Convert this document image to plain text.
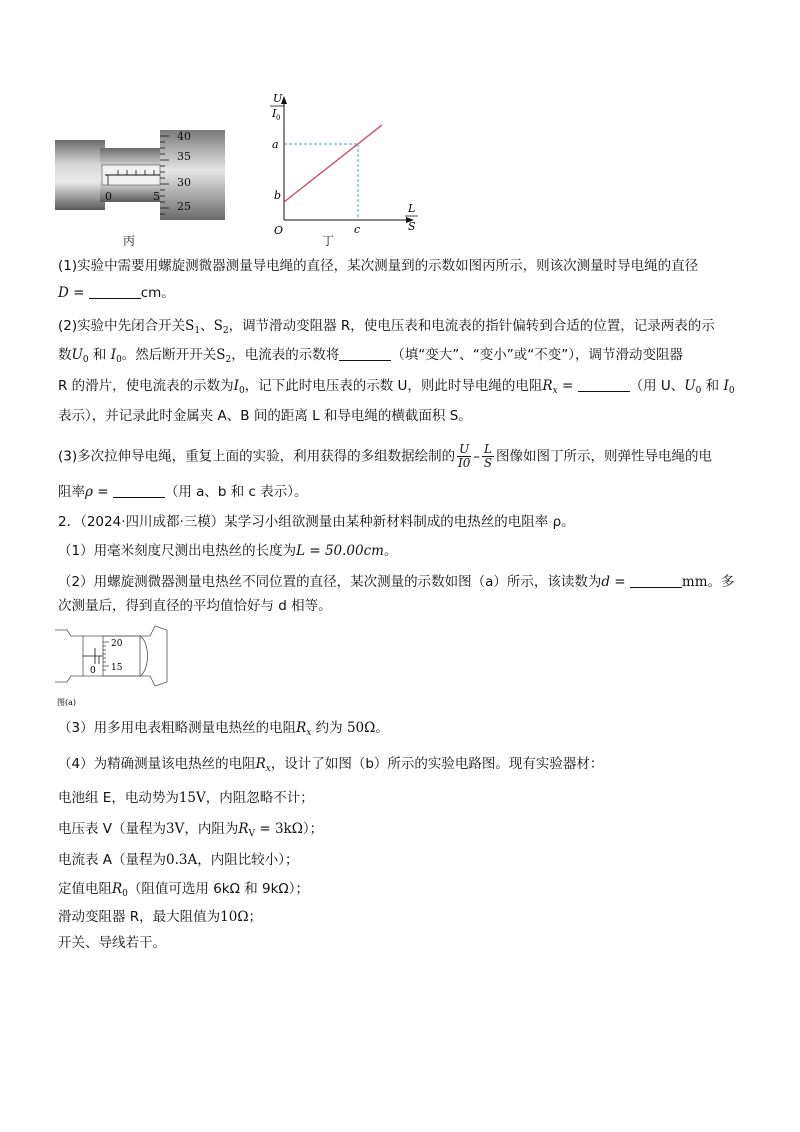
0	5
40
35
30
25
丙
U
I 0
L
S
O
a
b
c
丁
(1)实验中需要用螺旋测微器测量导电绳的直径，某次测量到的示数如图丙所示，则该次测量时导电绳的直径
D =	cm。
(2)实验中先闭合开关$S_1$、$S_2$，调节滑动变阻器 R，使电压表和电流表的指针偏转到合适的位置，记录两表的示
数$U_0$ 和 $I_0$。然后断开开关$S_2$，电流表的示数将	（填“变大”、“变小”或“不变”），调节滑动变阻器
R 的滑片，使电流表的示数为$I_0$，记下此时电压表的示数 U，则此时导电绳的电阻$R_x$ =	（用 U、$U_0$ 和 $I_0$
表示），并记录此时金属夹 A、B 间的距离 L 和导电绳的横截面积 S。
(3)多次拉伸导电绳，重复上面的实验，利用获得的多组数据绘制的 $\frac{U}{I0} - \frac{L}{S}$ 图像如图丁所示，则弹性导电绳的电
阻率ρ =	（用 a、b 和 c 表示）。
2．（2024·四川成都·三模）某学习小组欲测量由某种新材料制成的电热丝的电阻率 ρ。
（1）用毫米刻度尺测出电热丝的长度为L = 50.00cm。
（2）用螺旋测微器测量电热丝不同位置的直径，某次测量的示数如图（a）所示，该读数为d =	mm。多
次测量后，得到直径的平均值恰好与 d 相等。
20
15
0
图(a)
（3）用多用电表粗略测量电热丝的电阻$R_x$ 约为 50Ω。
（4）为精确测量该电热丝的电阻$R_x$，设计了如图（b）所示的实验电路图。现有实验器材：
电池组 E，电动势为15V，内阻忽略不计；
电压表 V（量程为3V，内阻为$R_V = 3k\Omega$）；
电流表 A（量程为0.3A，内阻比较小）；
定值电阻$R_0$（阻值可选用 6kΩ 和 9kΩ）；
滑动变阻器 R，最大阻值为10Ω；
开关、导线若干。
